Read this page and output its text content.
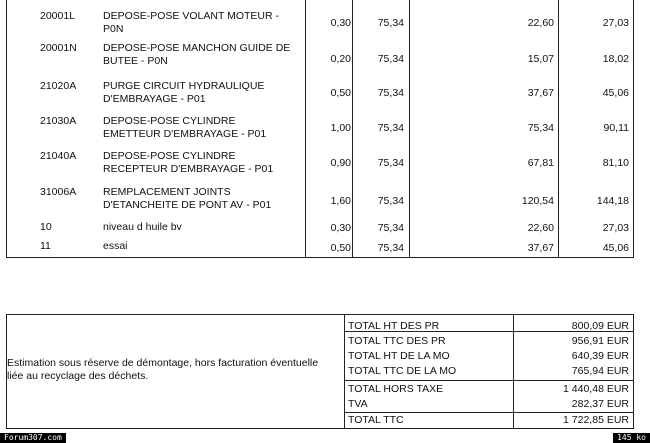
20001L	DEPOSE-POSE VOLANT MOTEUR -
P0N	0,30	75,34	22,60	27,03
20001N DEPOSE-POSE MANCHON GUIDE DE
BUTEE - P0N	0,20	75,34	15,07	18,02
21020A	PURGE CIRCUIT HYDRAULIQUE
D'EMBRAYAGE - P01	0,50	75,34	37,67	45,06
21030A	DEPOSE-POSE CYLINDRE
EMETTEUR D'EMBRAYAGE - P01	1,00	75,34	75,34	90,11
21040A	DEPOSE-POSE CYLINDRE
RECEPTEUR D'EMBRAYAGE - P01	0,90	75,34	67,81	81,10
31006A	REMPLACEMENT JOINTS
D'ETANCHEITE DE PONT AV - P01	1,60	75,34	120,54	144,18
10	niveau d huile bv	0,30	75,34	22,60	27,03
11	essai	0,50	75,34	37,67	45,06
Estimation sous réserve de démontage, hors facturation éventuelle liée au recyclage des déchets.
TOTAL HT DES PR	800,09 EUR
TOTAL TTC DES PR	956,91 EUR
TOTAL HT DE LA MO	640,39 EUR
TOTAL TTC DE LA MO	765,94 EUR
TOTAL HORS TAXE	1 440,48 EUR
TVA	282,37 EUR
TOTAL TTC	1 722,85 EUR
Forum307.com	145 ko
